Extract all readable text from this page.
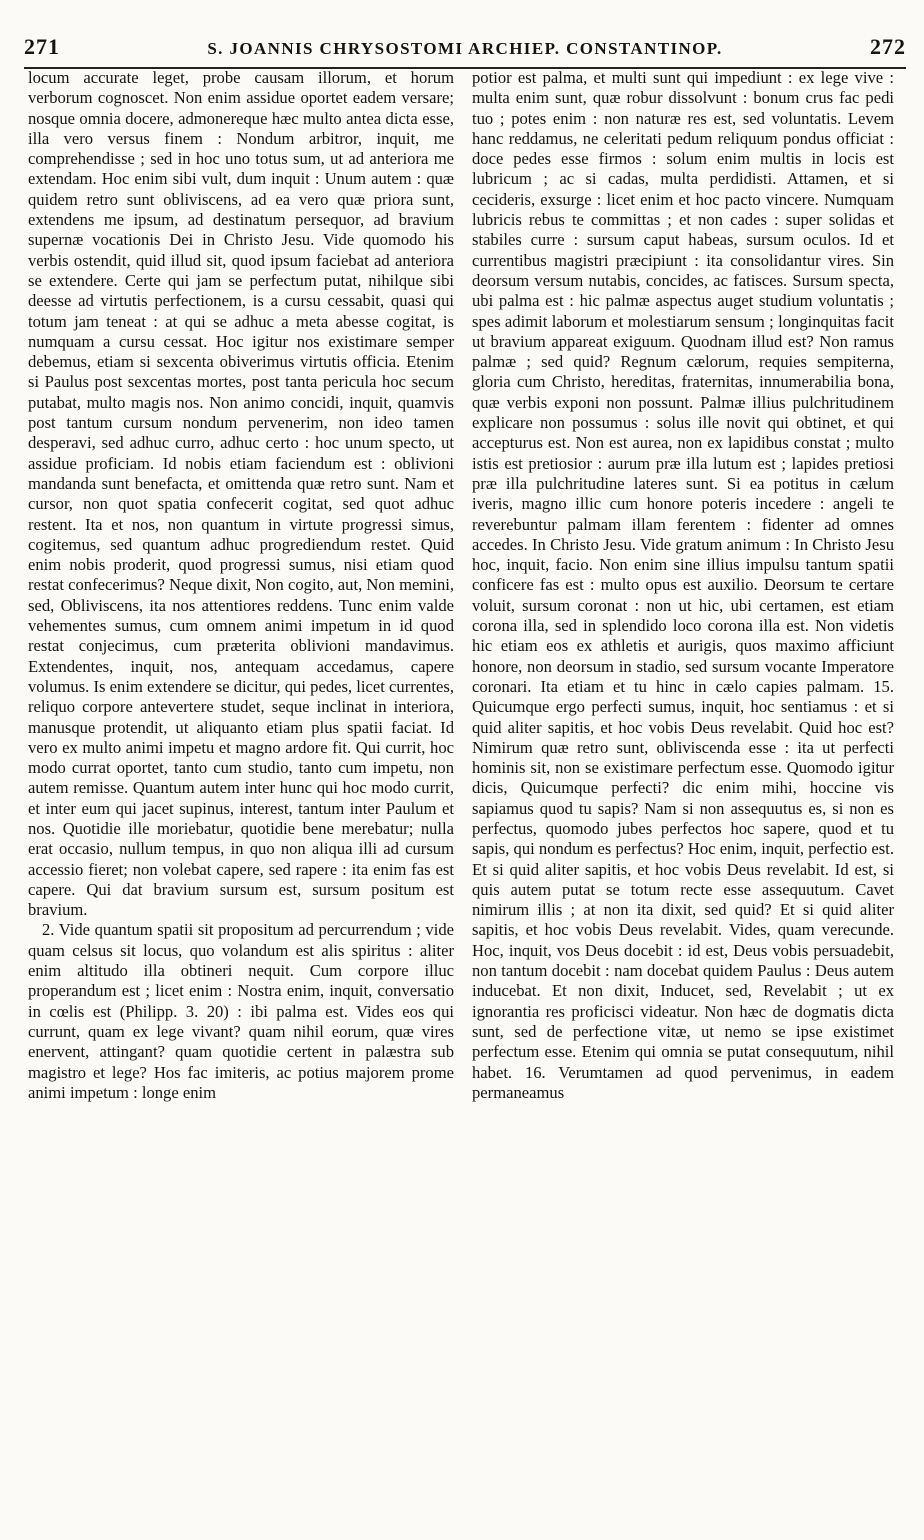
271	S. JOANNIS CHRYSOSTOMI ARCHIEP. CONSTANTINOP.	272

locum accurate leget, probe causam illorum, et horum verborum cognoscet. Non enim assidue oportet eadem versare; nosque omnia docere, admonereque hæc multo antea dicta esse, illa vero versus finem : Nondum arbitror, inquit, me comprehendisse ; sed in hoc uno totus sum, ut ad anteriora me extendam. Hoc enim sibi vult, dum inquit : Unum autem : quæ quidem retro sunt obliviscens, ad ea vero quæ priora sunt, extendens me ipsum, ad destinatum persequor, ad bravium supernæ vocationis Dei in Christo Jesu. Vide quomodo his verbis ostendit, quid illud sit, quod ipsum faciebat ad anteriora se extendere. Certe qui jam se perfectum putat, nihilque sibi deesse ad virtutis perfectionem, is a cursu cessabit, quasi qui totum jam teneat : at qui se adhuc a meta abesse cogitat, is numquam a cursu cessat. Hoc igitur nos existimare semper debemus, etiam si sexcenta obiverimus virtutis officia. Etenim si Paulus post sexcentas mortes, post tanta pericula hoc secum putabat, multo magis nos. Non animo concidi, inquit, quamvis post tantum cursum nondum pervenerim, non ideo tamen desperavi, sed adhuc curro, adhuc certo : hoc unum specto, ut assidue proficiam. Id nobis etiam faciendum est : oblivioni mandanda sunt benefacta, et omittenda quæ retro sunt. Nam et cursor, non quot spatia confecerit cogitat, sed quot adhuc restent. Ita et nos, non quantum in virtute progressi simus, cogitemus, sed quantum adhuc progrediendum restet. Quid enim nobis proderit, quod progressi sumus, nisi etiam quod restat confecerimus? Neque dixit, Non cogito, aut, Non memini, sed, Obliviscens, ita nos attentiores reddens. Tunc enim valde vehementes sumus, cum omnem animi impetum in id quod restat conjecimus, cum præterita oblivioni mandavimus. Extendentes, inquit, nos, antequam accedamus, capere volumus. Is enim extendere se dicitur, qui pedes, licet currentes, reliquo corpore antevertere studet, seque inclinat in interiora, manusque protendit, ut aliquanto etiam plus spatii faciat. Id vero ex multo animi impetu et magno ardore fit. Qui currit, hoc modo currat oportet, tanto cum studio, tanto cum impetu, non autem remisse. Quantum autem inter hunc qui hoc modo currit, et inter eum qui jacet supinus, interest, tantum inter Paulum et nos. Quotidie ille moriebatur, quotidie bene merebatur; nulla erat occasio, nullum tempus, in quo non aliqua illi ad cursum accessio fieret; non volebat capere, sed rapere : ita enim fas est capere. Qui dat bravium sursum est, sursum positum est bravium.

2. Vide quantum spatii sit propositum ad percurrendum ; vide quam celsus sit locus, quo volandum est alis spiritus : aliter enim altitudo illa obtineri nequit. Cum corpore illuc properandum est ; licet enim : Nostra enim, inquit, conversatio in cœlis est (Philipp. 3. 20) : ibi palma est. Vides eos qui currunt, quam ex lege vivant? quam nihil eorum, quæ vires enervent, attingant? quam quotidie certent in palæstra sub magistro et lege? Hos fac imiteris, ac potius majorem prome animi impetum : longe enim

potior est palma, et multi sunt qui impediunt : ex lege vive : multa enim sunt, quæ robur dissolvunt : bonum crus fac pedi tuo ; potes enim : non naturæ res est, sed voluntatis. Levem hanc reddamus, ne celeritati pedum reliquum pondus officiat : doce pedes esse firmos : solum enim multis in locis est lubricum ; ac si cadas, multa perdidisti. Attamen, et si cecideris, exsurge : licet enim et hoc pacto vincere. Numquam lubricis rebus te committas ; et non cades : super solidas et stabiles curre : sursum caput habeas, sursum oculos. Id et currentibus magistri præcipiunt : ita consolidantur vires. Sin deorsum versum nutabis, concides, ac fatisces. Sursum specta, ubi palma est : hic palmæ aspectus auget studium voluntatis ; spes adimit laborum et molestiarum sensum ; longinquitas facit ut bravium appareat exiguum. Quodnam illud est? Non ramus palmæ ; sed quid? Regnum cælorum, requies sempiterna, gloria cum Christo, hereditas, fraternitas, innumerabilia bona, quæ verbis exponi non possunt. Palmæ illius pulchritudinem explicare non possumus : solus ille novit qui obtinet, et qui accepturus est. Non est aurea, non ex lapidibus constat ; multo istis est pretiosior : aurum præ illa lutum est ; lapides pretiosi præ illa pulchritudine lateres sunt. Si ea potitus in cælum iveris, magno illic cum honore poteris incedere : angeli te reverebuntur palmam illam ferentem : fidenter ad omnes accedes. In Christo Jesu. Vide gratum animum : In Christo Jesu hoc, inquit, facio. Non enim sine illius impulsu tantum spatii conficere fas est : multo opus est auxilio. Deorsum te certare voluit, sursum coronat : non ut hic, ubi certamen, est etiam corona illa, sed in splendido loco corona illa est. Non videtis hic etiam eos ex athletis et aurigis, quos maximo afficiunt honore, non deorsum in stadio, sed sursum vocante Imperatore coronari. Ita etiam et tu hinc in cælo capies palmam. 15. Quicumque ergo perfecti sumus, inquit, hoc sentiamus : et si quid aliter sapitis, et hoc vobis Deus revelabit. Quid hoc est? Nimirum quæ retro sunt, obliviscenda esse : ita ut perfecti hominis sit, non se existimare perfectum esse. Quomodo igitur dicis, Quicumque perfecti? dic enim mihi, hoccine vis sapiamus quod tu sapis? Nam si non assequutus es, si non es perfectus, quomodo jubes perfectos hoc sapere, quod et tu sapis, qui nondum es perfectus? Hoc enim, inquit, perfectio est. Et si quid aliter sapitis, et hoc vobis Deus revelabit. Id est, si quis autem putat se totum recte esse assequutum. Cavet nimirum illis ; at non ita dixit, sed quid? Et si quid aliter sapitis, et hoc vobis Deus revelabit. Vides, quam verecunde. Hoc, inquit, vos Deus docebit : id est, Deus vobis persuadebit, non tantum docebit : nam docebat quidem Paulus : Deus autem inducebat. Et non dixit, Inducet, sed, Revelabit ; ut ex ignorantia res proficisci videatur. Non hæc de dogmatis dicta sunt, sed de perfectione vitæ, ut nemo se ipse existimet perfectum esse. Etenim qui omnia se putat consequutum, nihil habet. 16. Verumtamen ad quod pervenimus, in eadem permaneamus
